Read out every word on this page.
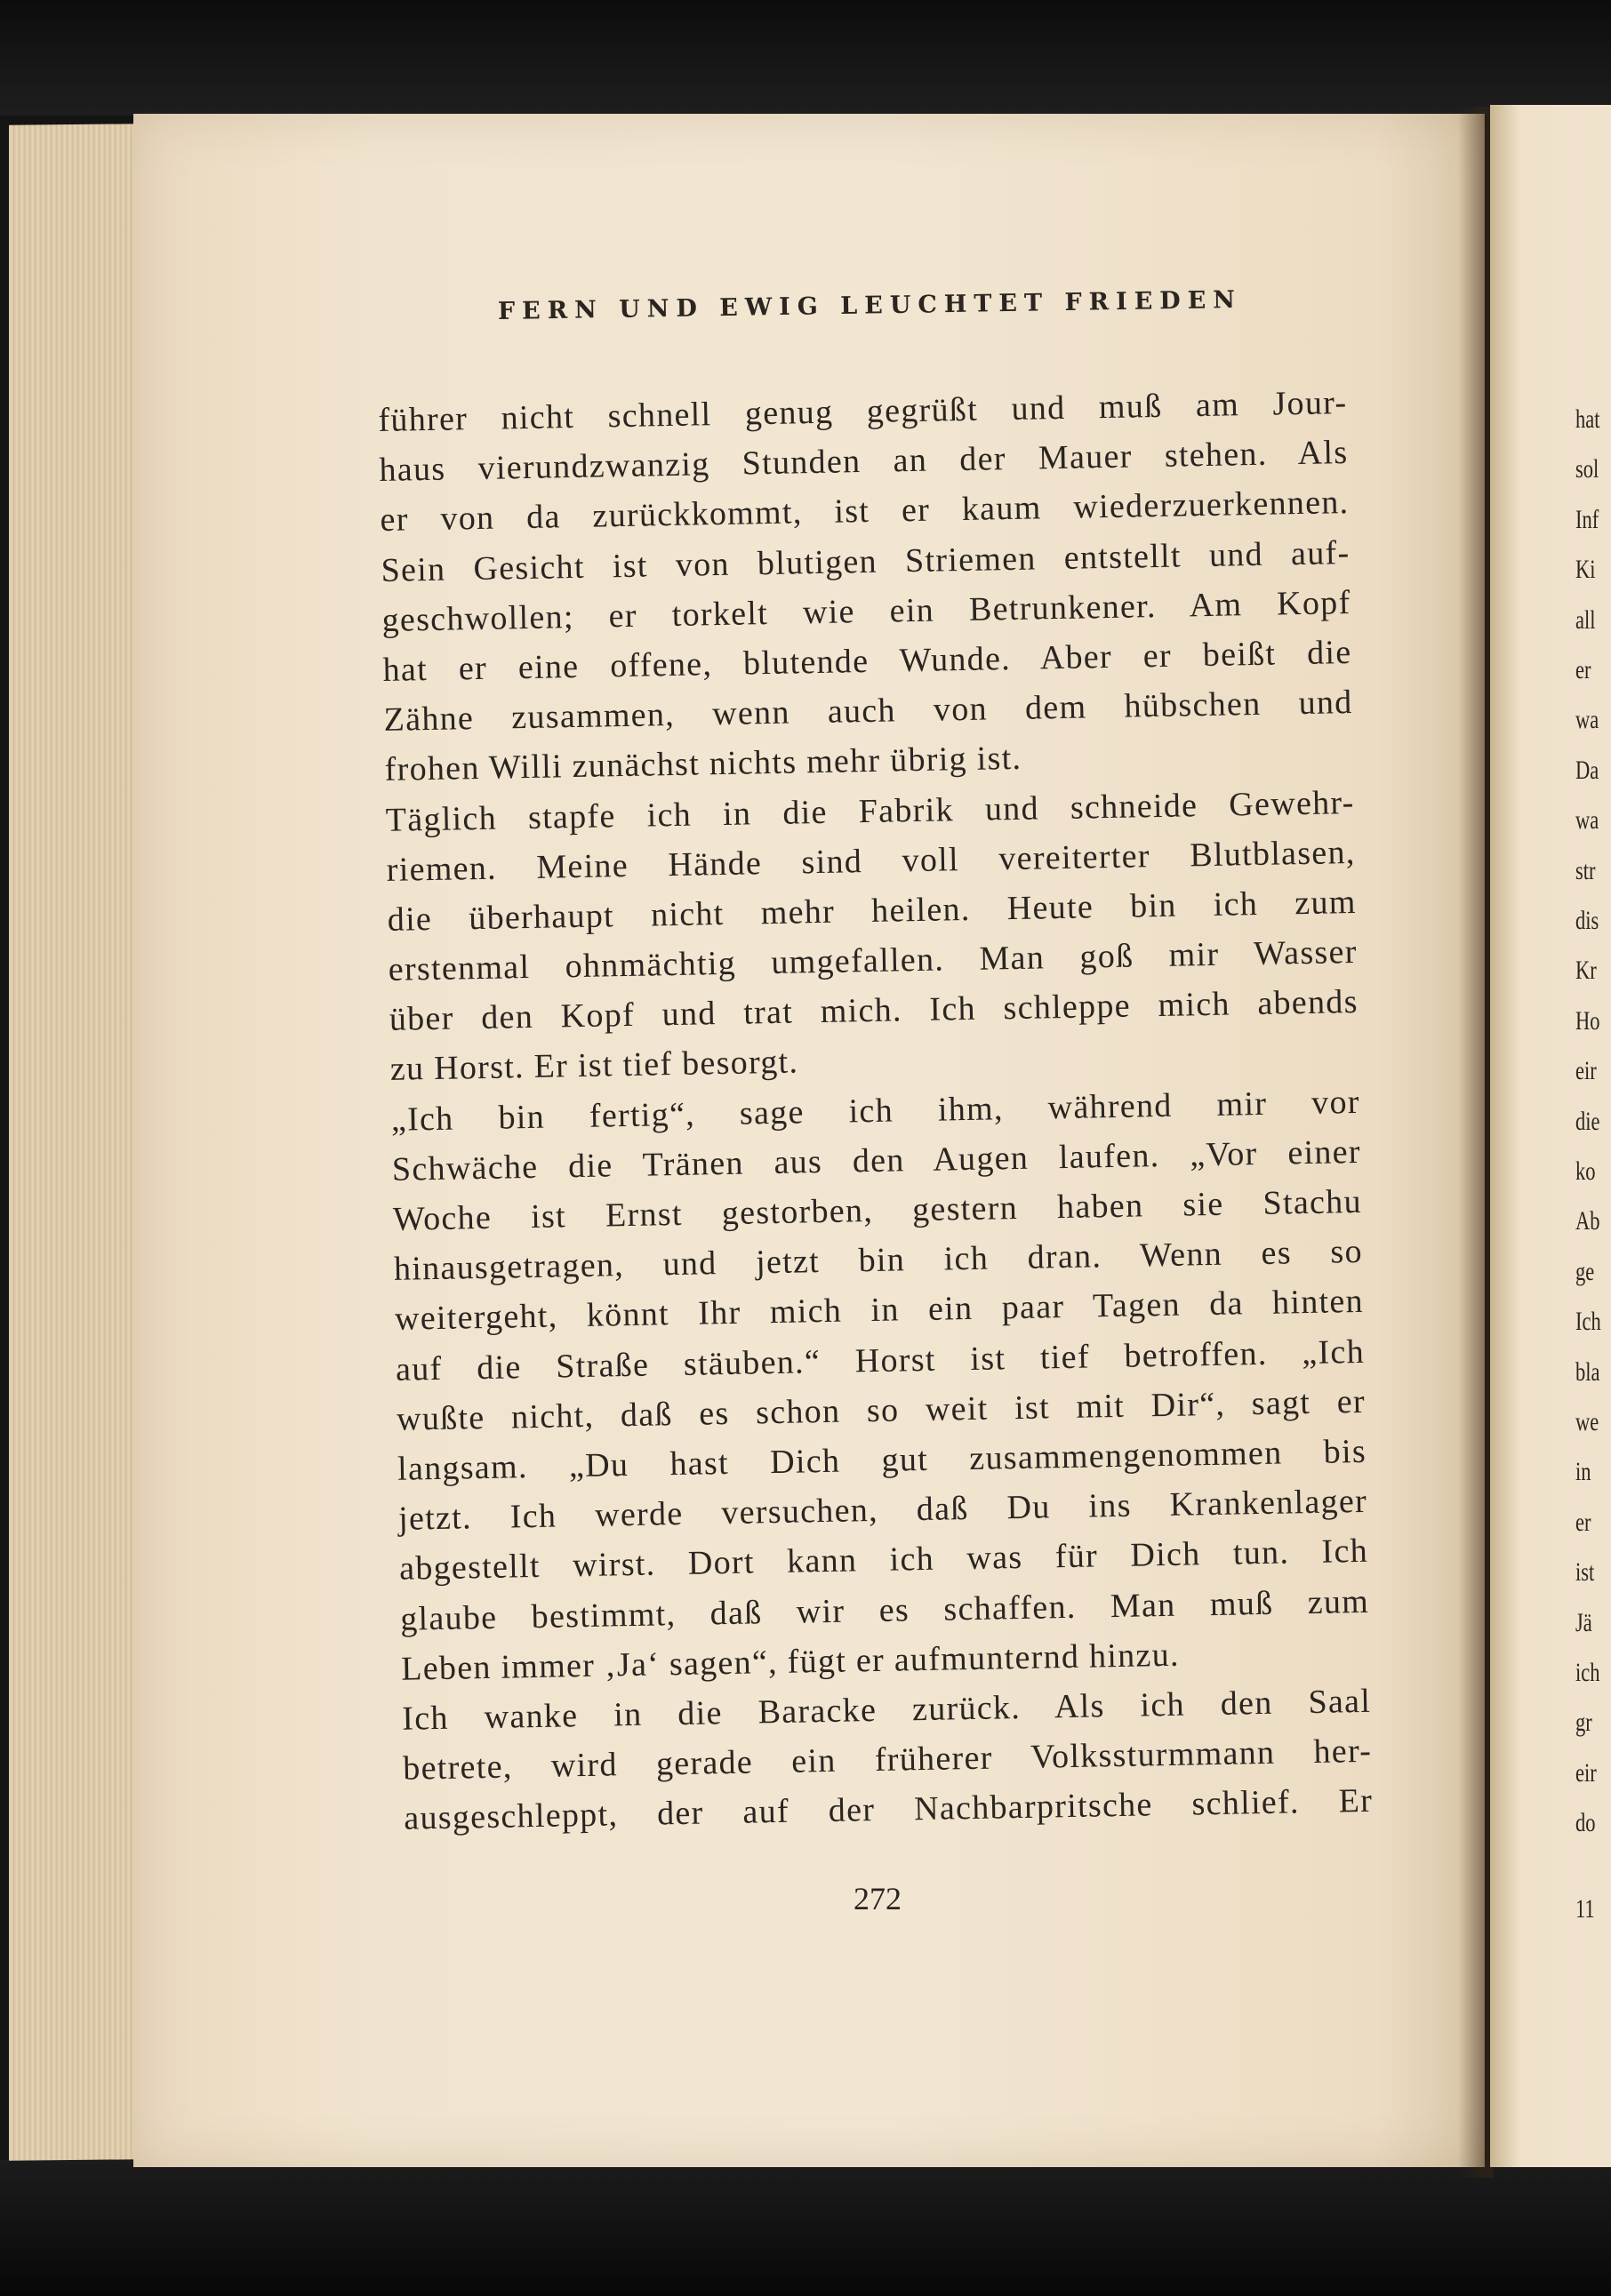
FERN UND EWIG LEUCHTET FRIEDEN
führer nicht schnell genug gegrüßt und muß am Jour-
haus vierundzwanzig Stunden an der Mauer stehen. Als
er von da zurückkommt, ist er kaum wiederzuerkennen.
Sein Gesicht ist von blutigen Striemen entstellt und auf-
geschwollen; er torkelt wie ein Betrunkener. Am Kopf
hat er eine offene, blutende Wunde. Aber er beißt die
Zähne zusammen, wenn auch von dem hübschen und
frohen Willi zunächst nichts mehr übrig ist.
Täglich stapfe ich in die Fabrik und schneide Gewehr-
riemen. Meine Hände sind voll vereiterter Blutblasen,
die überhaupt nicht mehr heilen. Heute bin ich zum
erstenmal ohnmächtig umgefallen. Man goß mir Wasser
über den Kopf und trat mich. Ich schleppe mich abends
zu Horst. Er ist tief besorgt.
„Ich bin fertig“, sage ich ihm, während mir vor
Schwäche die Tränen aus den Augen laufen. „Vor einer
Woche ist Ernst gestorben, gestern haben sie Stachu
hinausgetragen, und jetzt bin ich dran. Wenn es so
weitergeht, könnt Ihr mich in ein paar Tagen da hinten
auf die Straße stäuben.“ Horst ist tief betroffen. „Ich
wußte nicht, daß es schon so weit ist mit Dir“, sagt er
langsam. „Du hast Dich gut zusammengenommen bis
jetzt. Ich werde versuchen, daß Du ins Krankenlager
abgestellt wirst. Dort kann ich was für Dich tun. Ich
glaube bestimmt, daß wir es schaffen. Man muß zum
Leben immer ‚Ja‘ sagen“, fügt er aufmunternd hinzu.
Ich wanke in die Baracke zurück. Als ich den Saal
betrete, wird gerade ein früherer Volkssturmmann her-
ausgeschleppt, der auf der Nachbarpritsche schlief. Er
272
hat
sol
Inf
Ki
all
er
wa
Da
wa
str
dis
Kr
Ho
eir
die
ko
Ab
ge
Ich
bla
we
in
er
ist
Jä
ich
gr
eir
do
11
